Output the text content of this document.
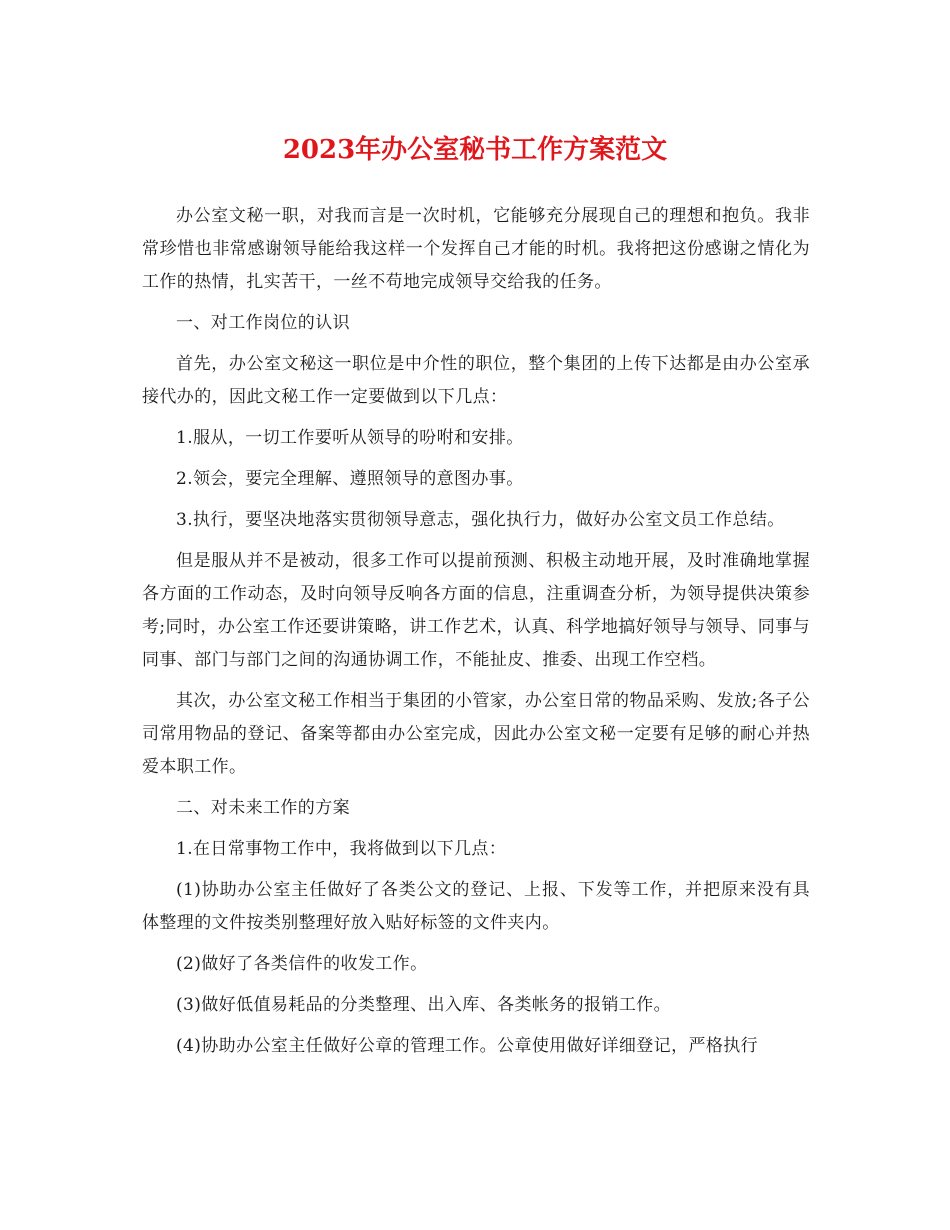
2023年办公室秘书工作方案范文

办公室文秘一职，对我而言是一次时机，它能够充分展现自己的理想和抱负。我非常珍惜也非常感谢领导能给我这样一个发挥自己才能的时机。我将把这份感谢之情化为工作的热情，扎实苦干，一丝不苟地完成领导交给我的任务。

一、对工作岗位的认识

首先，办公室文秘这一职位是中介性的职位，整个集团的上传下达都是由办公室承接代办的，因此文秘工作一定要做到以下几点：

1.服从，一切工作要听从领导的吩咐和安排。

2.领会，要完全理解、遵照领导的意图办事。

3.执行，要坚决地落实贯彻领导意志，强化执行力，做好办公室文员工作总结。

但是服从并不是被动，很多工作可以提前预测、积极主动地开展，及时准确地掌握各方面的工作动态，及时向领导反响各方面的信息，注重调查分析，为领导提供决策参考;同时，办公室工作还要讲策略，讲工作艺术，认真、科学地搞好领导与领导、同事与同事、部门与部门之间的沟通协调工作，不能扯皮、推委、出现工作空档。

其次，办公室文秘工作相当于集团的小管家，办公室日常的物品采购、发放;各子公司常用物品的登记、备案等都由办公室完成，因此办公室文秘一定要有足够的耐心并热爱本职工作。

二、对未来工作的方案

1.在日常事物工作中，我将做到以下几点：

(1)协助办公室主任做好了各类公文的登记、上报、下发等工作，并把原来没有具体整理的文件按类别整理好放入贴好标签的文件夹内。

(2)做好了各类信件的收发工作。

(3)做好低值易耗品的分类整理、出入库、各类帐务的报销工作。

(4)协助办公室主任做好公章的管理工作。公章使用做好详细登记，严格执行
